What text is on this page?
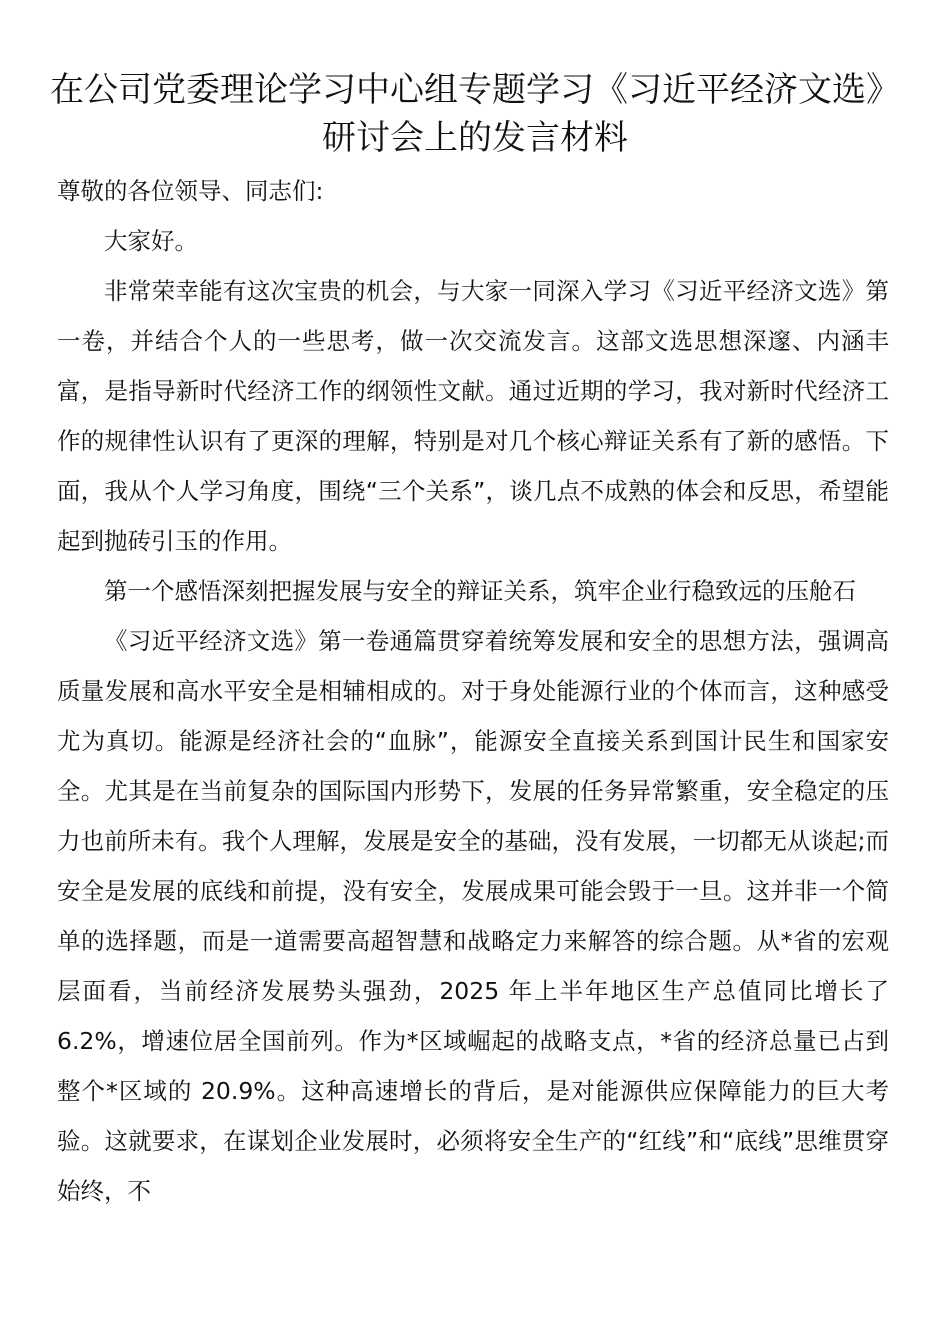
在公司党委理论学习中心组专题学习《习近平经济文选》研讨会上的发言材料

尊敬的各位领导、同志们:

大家好。

非常荣幸能有这次宝贵的机会，与大家一同深入学习《习近平经济文选》第一卷，并结合个人的一些思考，做一次交流发言。这部文选思想深邃、内涵丰富，是指导新时代经济工作的纲领性文献。通过近期的学习，我对新时代经济工作的规律性认识有了更深的理解，特别是对几个核心辩证关系有了新的感悟。下面，我从个人学习角度，围绕“三个关系”，谈几点不成熟的体会和反思，希望能起到抛砖引玉的作用。

第一个感悟深刻把握发展与安全的辩证关系，筑牢企业行稳致远的压舱石

《习近平经济文选》第一卷通篇贯穿着统筹发展和安全的思想方法，强调高质量发展和高水平安全是相辅相成的。对于身处能源行业的个体而言，这种感受尤为真切。能源是经济社会的“血脉”，能源安全直接关系到国计民生和国家安全。尤其是在当前复杂的国际国内形势下，发展的任务异常繁重，安全稳定的压力也前所未有。我个人理解，发展是安全的基础，没有发展，一切都无从谈起;而安全是发展的底线和前提，没有安全，发展成果可能会毁于一旦。这并非一个简单的选择题，而是一道需要高超智慧和战略定力来解答的综合题。从*省的宏观层面看，当前经济发展势头强劲，2025 年上半年地区生产总值同比增长了 6.2%，增速位居全国前列。作为*区域崛起的战略支点，*省的经济总量已占到整个*区域的 20.9%。这种高速增长的背后，是对能源供应保障能力的巨大考验。这就要求，在谋划企业发展时，必须将安全生产的“红线”和“底线”思维贯穿始终，不
